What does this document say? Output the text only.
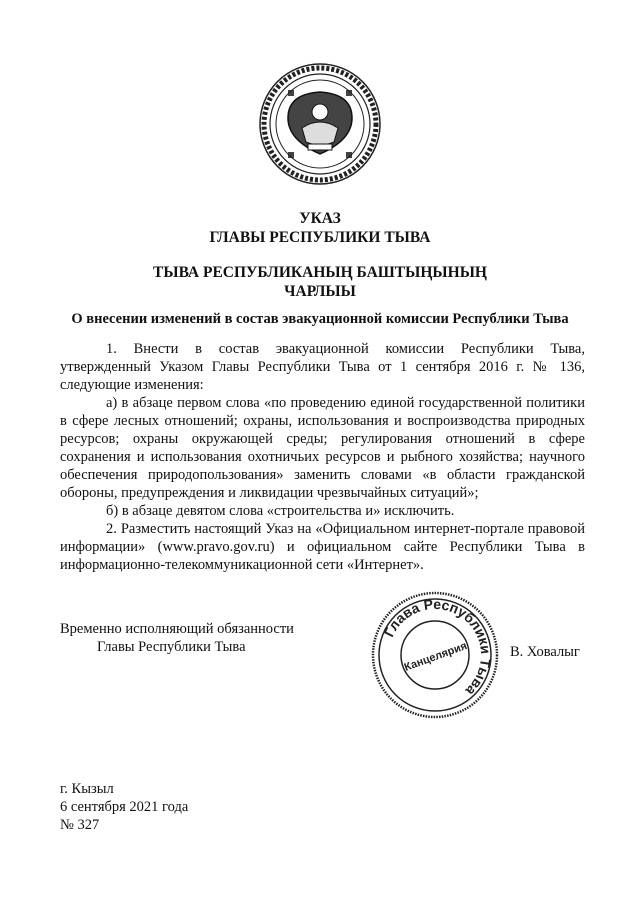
УКАЗ
ГЛАВЫ РЕСПУБЛИКИ ТЫВА
ТЫВА РЕСПУБЛИКАНЫҢ БАШТЫҢЫНЫҢ
ЧАРЛЫЫ
О внесении изменений в состав эвакуационной комиссии Республики Тыва

1. Внести в состав эвакуационной комиссии Республики Тыва, утвержденный Указом Главы Республики Тыва от 1 сентября 2016 г. № 136, следующие изменения:

а) в абзаце первом слова «по проведению единой государственной политики в сфере лесных отношений; охраны, использования и воспроизводства природных ресурсов; охраны окружающей среды; регулирования отношений в сфере сохранения и использования охотничьих ресурсов и рыбного хозяйства; научного обеспечения природопользования» заменить словами «в области гражданской обороны, предупреждения и ликвидации чрезвычайных ситуаций»;

б) в абзаце девятом слова «строительства и» исключить.

2. Разместить настоящий Указ на «Официальном интернет-портале правовой информации» (www.pravo.gov.ru) и официальном сайте Республики Тыва в информационно-телекоммуникационной сети «Интернет».

Временно исполняющий обязанности
Главы Республики Тыва
Глава Республики Тыва
Канцелярия	В. Ховалыг
г. Кызыл
6 сентября 2021 года
№ 327
